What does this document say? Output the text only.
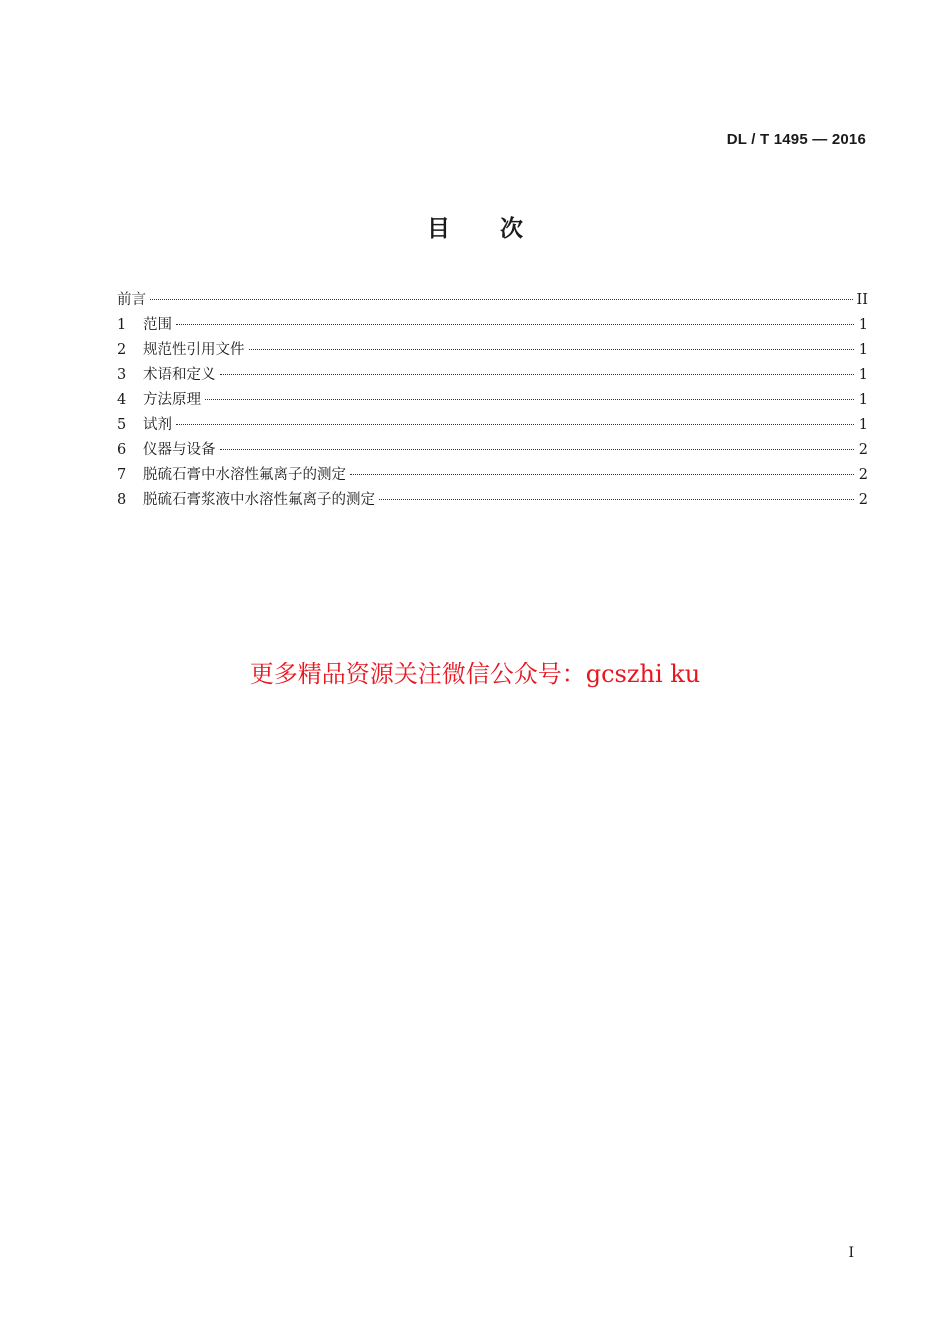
DL / T 1495 — 2016
目次
前言	II
1	范围	1
2	规范性引用文件	1
3	术语和定义	1
4	方法原理	1
5	试剂	1
6	仪器与设备	2
7	脱硫石膏中水溶性氟离子的测定	2
8	脱硫石膏浆液中水溶性氟离子的测定	2
更多精品资源关注微信公众号：gcszhi ku
I
